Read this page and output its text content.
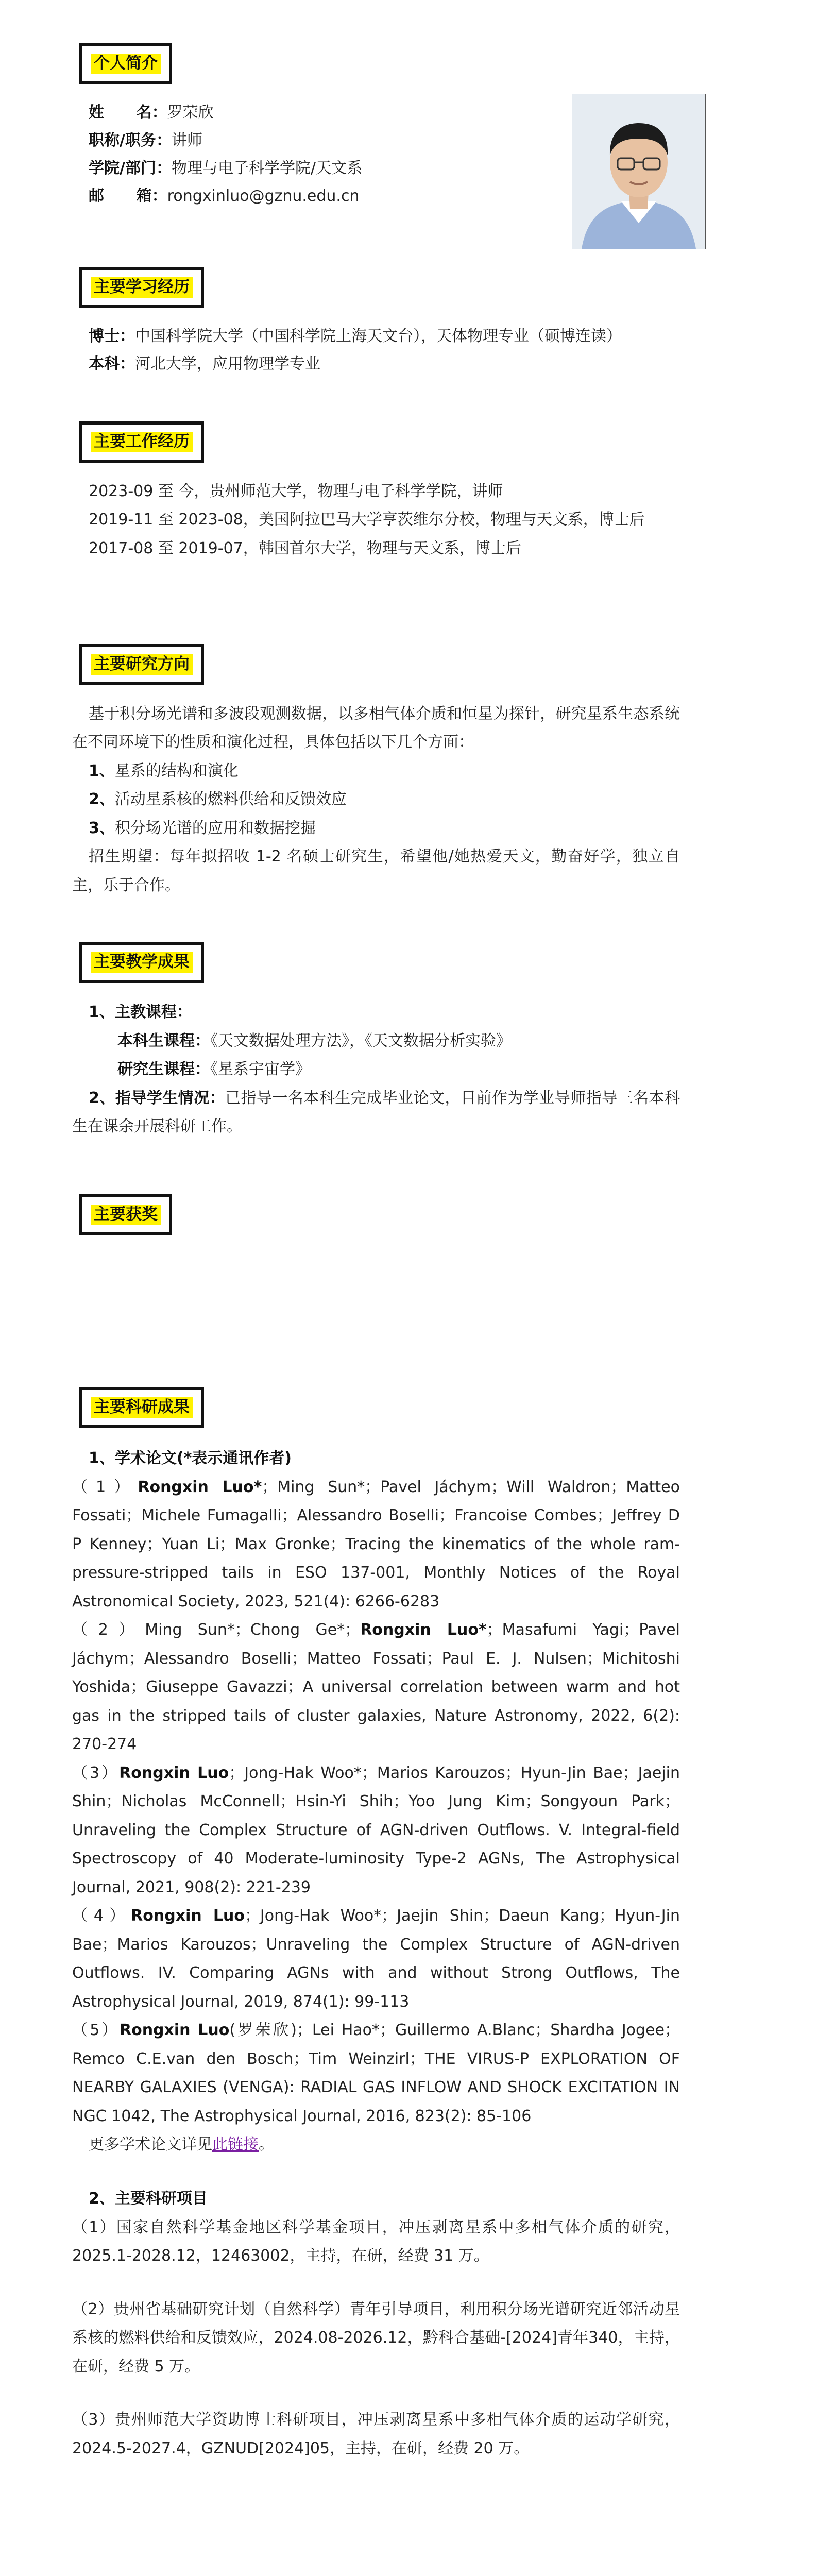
个人简介
姓      名：罗荣欣
职称/职务：讲师
学院/部门：物理与电子科学学院/天文系
邮      箱：rongxinluo@gznu.edu.cn
主要学习经历
博士：中国科学院大学（中国科学院上海天文台），天体物理专业（硕博连读）
本科：河北大学，应用物理学专业
主要工作经历
2023-09 至 今，贵州师范大学，物理与电子科学学院，讲师
2019-11 至 2023-08，美国阿拉巴马大学亨茨维尔分校，物理与天文系，博士后
2017-08 至 2019-07，韩国首尔大学，物理与天文系，博士后
主要研究方向
基于积分场光谱和多波段观测数据，以多相气体介质和恒星为探针，研究星系生态系统在不同环境下的性质和演化过程，具体包括以下几个方面：
1、星系的结构和演化
2、活动星系核的燃料供给和反馈效应
3、积分场光谱的应用和数据挖掘
招生期望：每年拟招收 1-2 名硕士研究生，希望他/她热爱天文，勤奋好学，独立自主，乐于合作。
主要教学成果
1、主教课程：
本科生课程：《天文数据处理方法》，《天文数据分析实验》
研究生课程：《星系宇宙学》
2、指导学生情况：已指导一名本科生完成毕业论文，目前作为学业导师指导三名本科生在课余开展科研工作。
主要获奖
主要科研成果
1、学术论文(*表示通讯作者)

（1）Rongxin Luo*；Ming Sun*；Pavel Jáchym；Will Waldron；Matteo Fossati；Michele Fumagalli；Alessandro Boselli；Francoise Combes；Jeffrey D P Kenney；Yuan Li；Max Gronke；Tracing the kinematics of the whole ram-pressure-stripped tails in ESO 137-001, Monthly Notices of the Royal Astronomical Society, 2023, 521(4): 6266-6283

（2）Ming Sun*；Chong Ge*；Rongxin Luo*；Masafumi Yagi；Pavel Jáchym；Alessandro Boselli；Matteo Fossati；Paul E. J. Nulsen；Michitoshi Yoshida；Giuseppe Gavazzi；A universal correlation between warm and hot gas in the stripped tails of cluster galaxies, Nature Astronomy, 2022, 6(2): 270-274

（3）Rongxin Luo；Jong-Hak Woo*；Marios Karouzos；Hyun-Jin Bae；Jaejin Shin；Nicholas McConnell；Hsin-Yi Shih；Yoo Jung Kim；Songyoun Park；Unraveling the Complex Structure of AGN-driven Outflows. V. Integral-field Spectroscopy of 40 Moderate-luminosity Type-2 AGNs, The Astrophysical Journal, 2021, 908(2): 221-239

（4）Rongxin Luo；Jong-Hak Woo*；Jaejin Shin；Daeun Kang；Hyun-Jin Bae；Marios Karouzos；Unraveling the Complex Structure of AGN-driven Outflows. IV. Comparing AGNs with and without Strong Outflows, The Astrophysical Journal, 2019, 874(1): 99-113

（5）Rongxin Luo(罗荣欣)；Lei Hao*；Guillermo A.Blanc；Shardha Jogee；Remco C.E.van den Bosch；Tim Weinzirl；THE VIRUS-P EXPLORATION OF NEARBY GALAXIES (VENGA): RADIAL GAS INFLOW AND SHOCK EXCITATION IN NGC 1042, The Astrophysical Journal, 2016, 823(2): 85-106

更多学术论文详见此链接。
2、主要科研项目

（1）国家自然科学基金地区科学基金项目，冲压剥离星系中多相气体介质的研究，2025.1-2028.12，12463002，主持，在研，经费 31 万。

（2）贵州省基础研究计划（自然科学）青年引导项目，利用积分场光谱研究近邻活动星系核的燃料供给和反馈效应，2024.08-2026.12，黔科合基础-[2024]青年340，主持，在研，经费 5 万。

（3）贵州师范大学资助博士科研项目，冲压剥离星系中多相气体介质的运动学研究，2024.5-2027.4，GZNUD[2024]05，主持，在研，经费 20 万。
